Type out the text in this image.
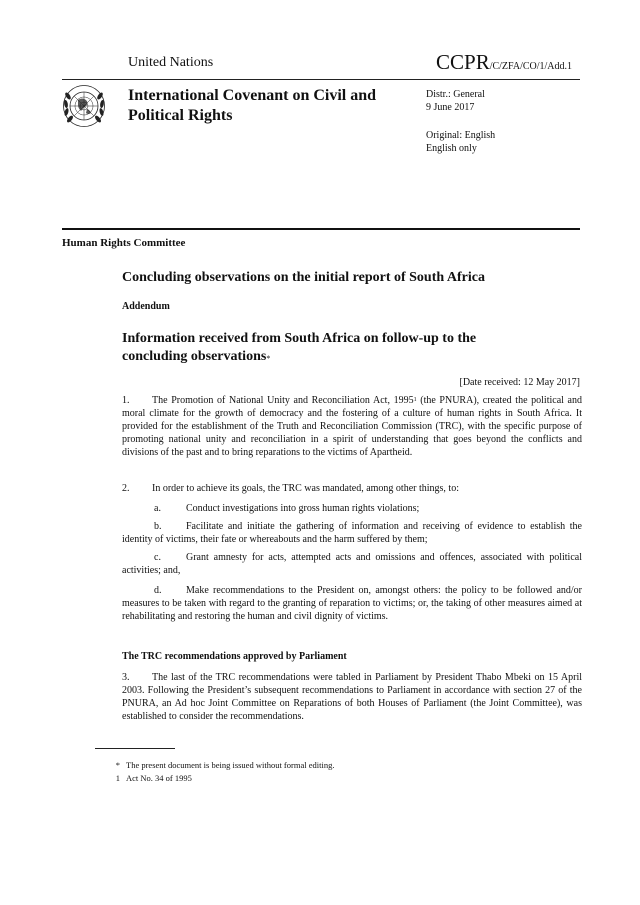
United Nations	CCPR/C/ZFA/CO/1/Add.1
International Covenant on Civil and Political Rights
Distr.: General
9 June 2017
Original: English
English only
Human Rights Committee
Concluding observations on the initial report of South Africa
Addendum
Information received from South Africa on follow-up to the concluding observations*
[Date received: 12 May 2017]
1. The Promotion of National Unity and Reconciliation Act, 1995$^1$ (the PNURA), created the political and moral climate for the growth of democracy and the fostering of a culture of human rights in South Africa. It provided for the establishment of the Truth and Reconciliation Commission (TRC), with the specific purpose of promoting national unity and reconciliation in a spirit of understanding that goes beyond the conflicts and divisions of the past and to bring reparations to the victims of Apartheid.
2. In order to achieve its goals, the TRC was mandated, among other things, to:
a.	Conduct investigations into gross human rights violations;
b. Facilitate and initiate the gathering of information and receiving of evidence to establish the identity of victims, their fate or whereabouts and the harm suffered by them;
c.	Grant amnesty for acts, attempted acts and omissions and offences, associated with political activities; and,
d. Make recommendations to the President on, amongst others: the policy to be followed and/or measures to be taken with regard to the granting of reparation to victims; or, the taking of other measures aimed at rehabilitating and restoring the human and civil dignity of victims.
The TRC recommendations approved by Parliament
3. The last of the TRC recommendations were tabled in Parliament by President Thabo Mbeki on 15 April 2003. Following the President’s subsequent recommendations to Parliament in accordance with section 27 of the PNURA, an Ad hoc Joint Committee on Reparations of both Houses of Parliament (the Joint Committee), was established to consider the recommendations.
* The present document is being issued without formal editing.
1 Act No. 34 of 1995
